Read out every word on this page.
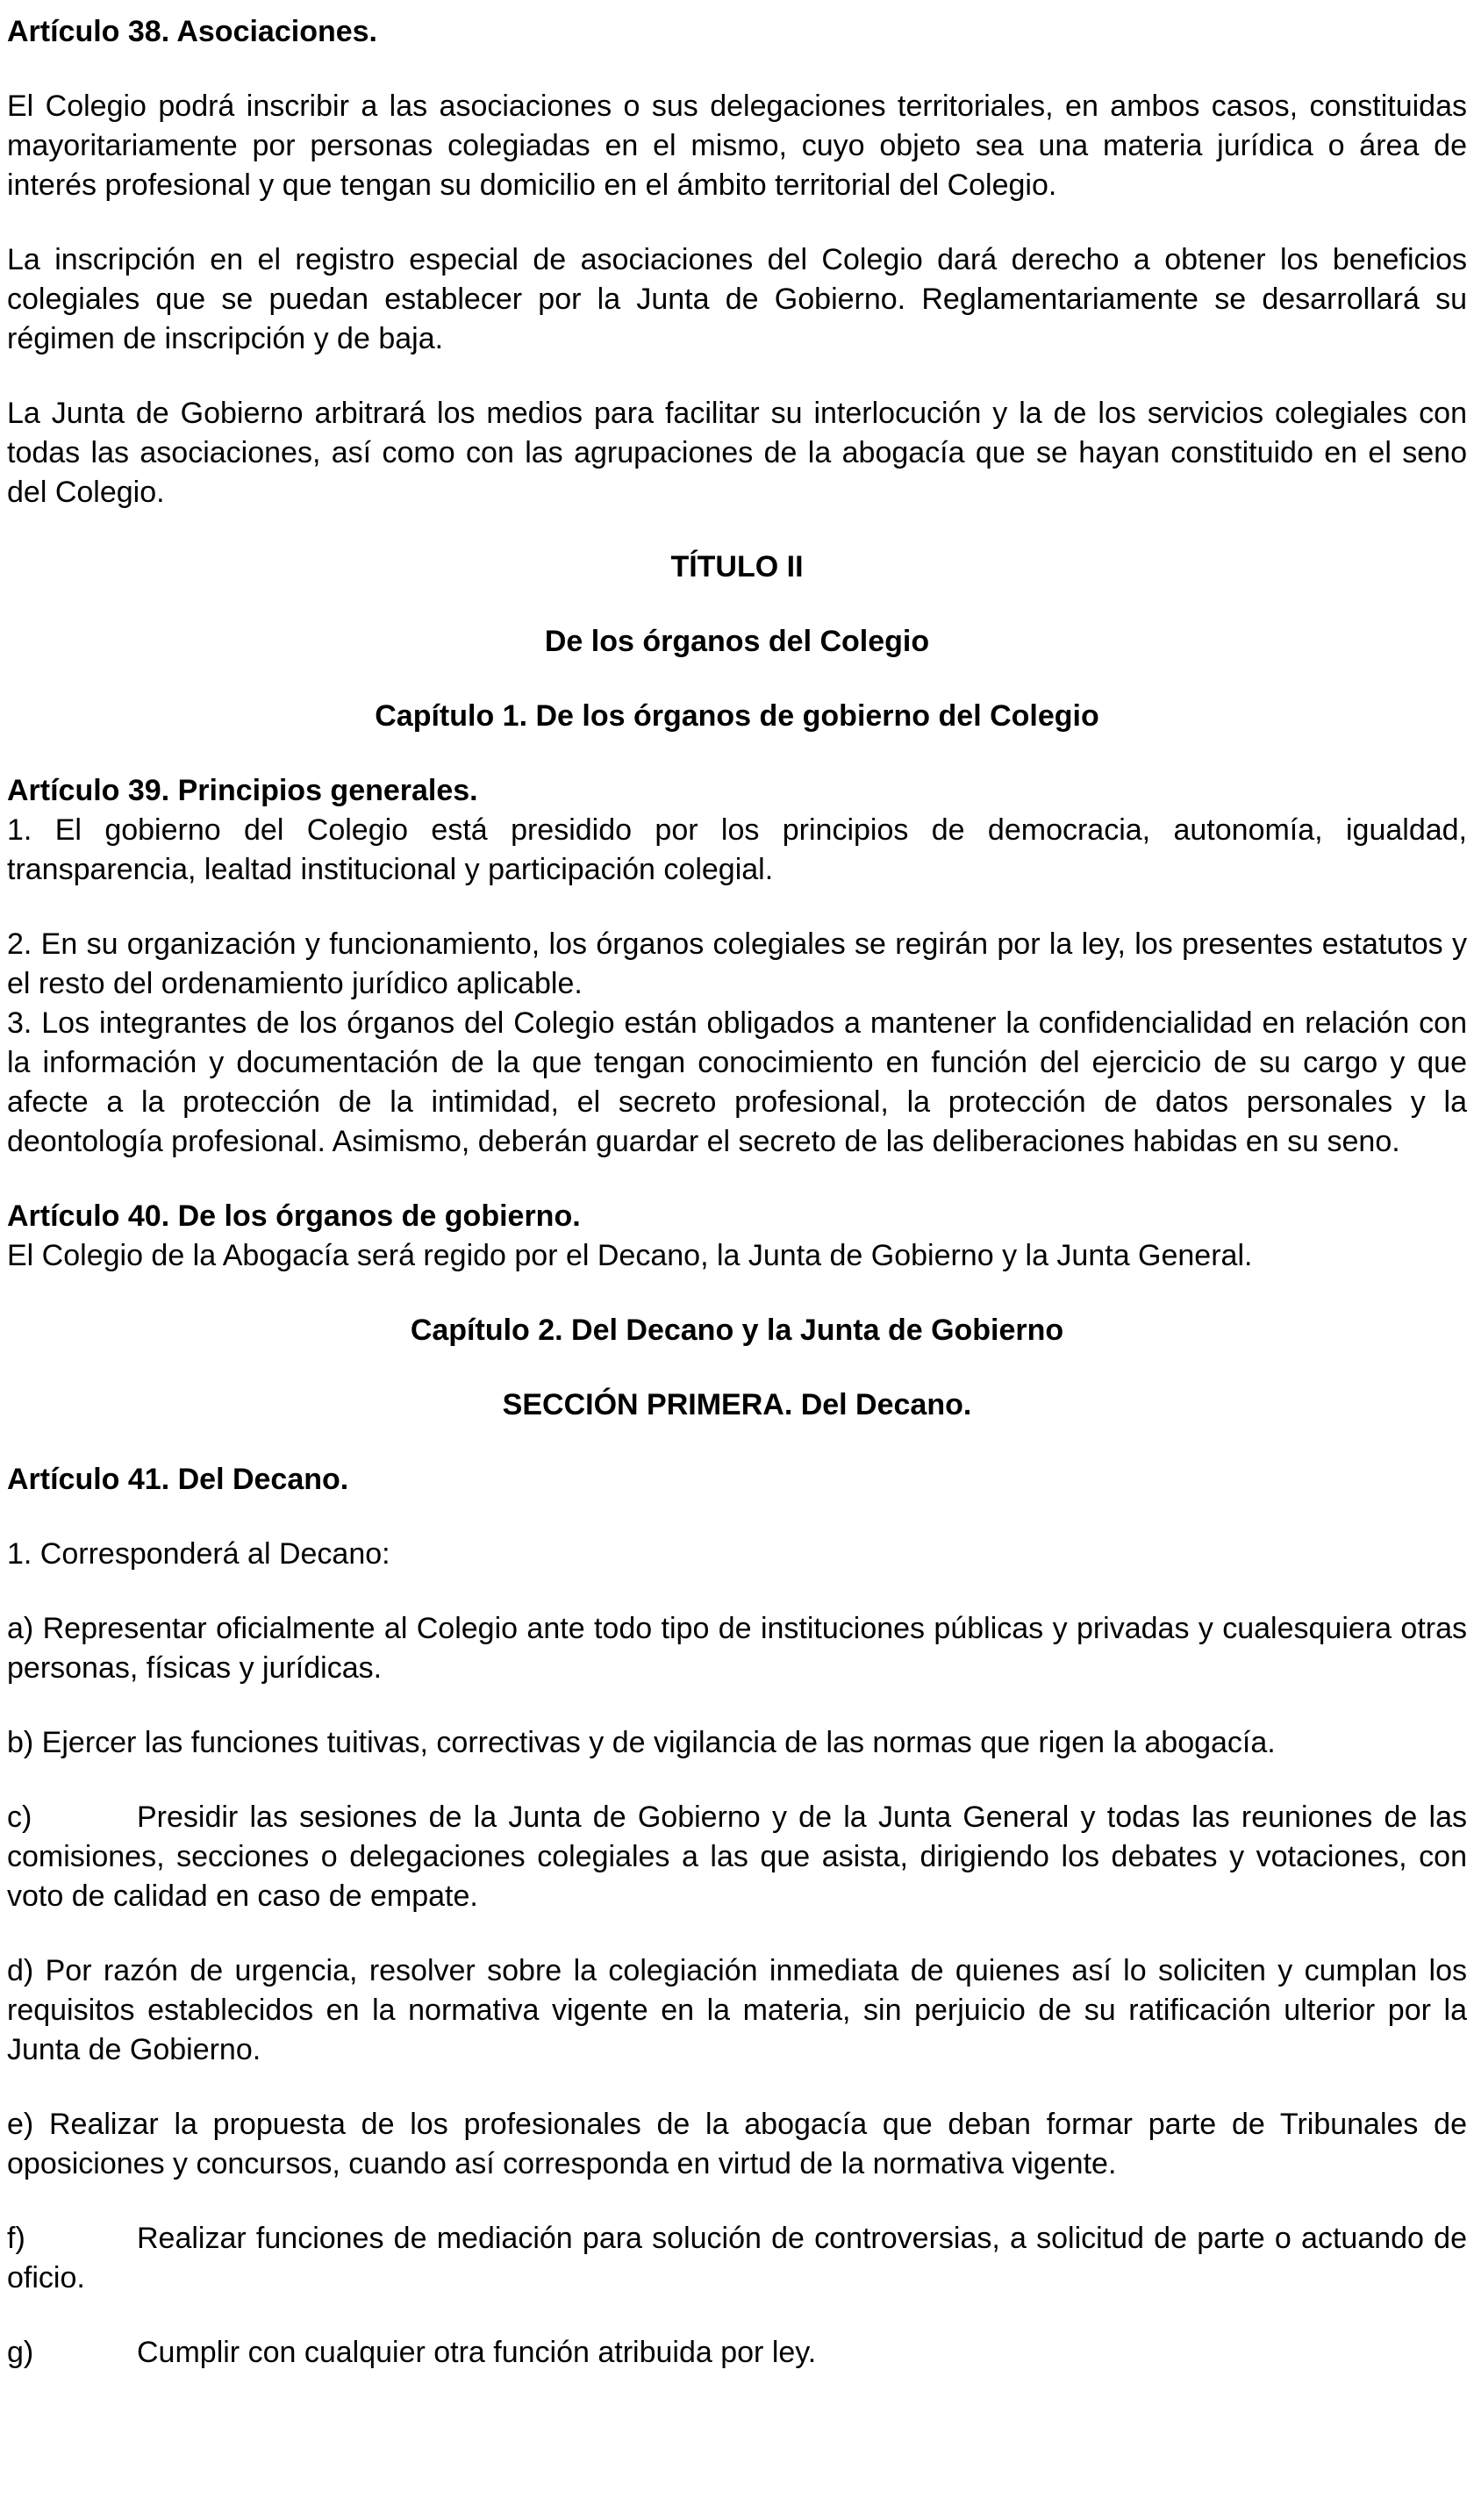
Artículo 38. Asociaciones.
El Colegio podrá inscribir a las asociaciones o sus delegaciones territoriales, en ambos casos, constituidas mayoritariamente por personas colegiadas en el mismo, cuyo objeto sea una materia jurídica o área de interés profesional y que tengan su domicilio en el ámbito territorial del Colegio.
La inscripción en el registro especial de asociaciones del Colegio dará derecho a obtener los beneficios colegiales que se puedan establecer por la Junta de Gobierno. Reglamentariamente se desarrollará su régimen de inscripción y de baja.
La Junta de Gobierno arbitrará los medios para facilitar su interlocución y la de los servicios colegiales con todas las asociaciones, así como con las agrupaciones de la abogacía que se hayan constituido en el seno del Colegio.
TÍTULO II
De los órganos del Colegio
Capítulo 1. De los órganos de gobierno del Colegio
Artículo 39. Principios generales.
1. El gobierno del Colegio está presidido por los principios de democracia, autonomía, igualdad, transparencia, lealtad institucional y participación colegial.
2. En su organización y funcionamiento, los órganos colegiales se regirán por la ley, los presentes estatutos y el resto del ordenamiento jurídico aplicable.
3. Los integrantes de los órganos del Colegio están obligados a mantener la confidencialidad en relación con la información y documentación de la que tengan conocimiento en función del ejercicio de su cargo y que afecte a la protección de la intimidad, el secreto profesional, la protección de datos personales y la deontología profesional. Asimismo, deberán guardar el secreto de las deliberaciones habidas en su seno.
Artículo 40. De los órganos de gobierno.
El Colegio de la Abogacía será regido por el Decano, la Junta de Gobierno y la Junta General.
Capítulo 2. Del Decano y la Junta de Gobierno
SECCIÓN PRIMERA. Del Decano.
Artículo 41. Del Decano.
1. Corresponderá al Decano:
a) Representar oficialmente al Colegio ante todo tipo de instituciones públicas y privadas y cualesquiera otras personas, físicas y jurídicas.
b) Ejercer las funciones tuitivas, correctivas y de vigilancia de las normas que rigen la abogacía.
c)	Presidir las sesiones de la Junta de Gobierno y de la Junta General y todas las reuniones de las comisiones, secciones o delegaciones colegiales a las que asista, dirigiendo los debates y votaciones, con voto de calidad en caso de empate.
d) Por razón de urgencia, resolver sobre la colegiación inmediata de quienes así lo soliciten y cumplan los requisitos establecidos en la normativa vigente en la materia, sin perjuicio de su ratificación ulterior por la Junta de Gobierno.
e) Realizar la propuesta de los profesionales de la abogacía que deban formar parte de Tribunales de oposiciones y concursos, cuando así corresponda en virtud de la normativa vigente.
f)	Realizar funciones de mediación para solución de controversias, a solicitud de parte o actuando de oficio.
g)	Cumplir con cualquier otra función atribuida por ley.
